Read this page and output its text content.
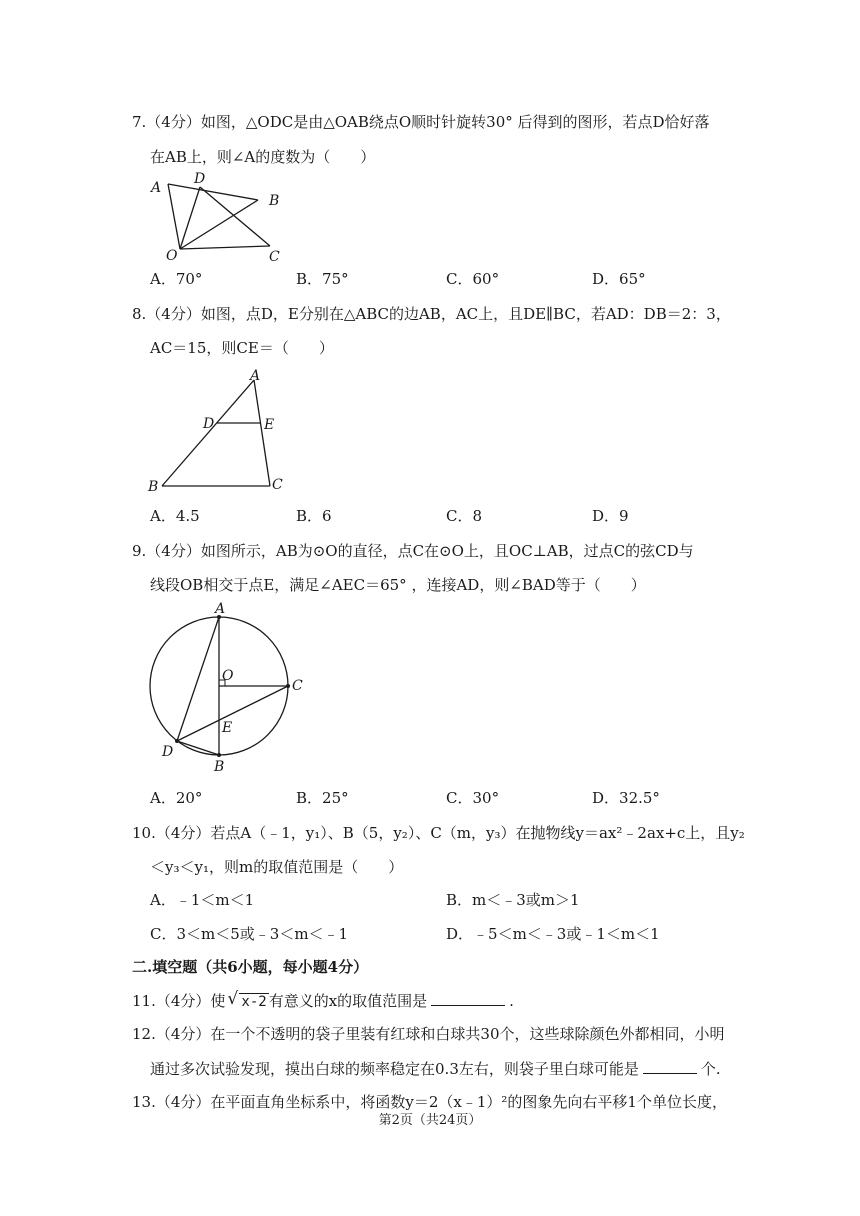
7.（4分）如图，△ODC是由△OAB绕点O顺时针旋转30° 后得到的图形，若点D恰好落
在AB上，则∠A的度数为（　　）
A
D
B
O	C
A．70°	B．75°	C．60°	D．65°
8.（4分）如图，点D，E分别在△ABC的边AB，AC上，且DE∥BC，若AD：DB＝2：3，
AC＝15，则CE＝（　　）
A
D	E
B	C
A．4.5	B．6	C．8	D．9
9.（4分）如图所示，AB为⊙O的直径，点C在⊙O上，且OC⊥AB，过点C的弦CD与
线段OB相交于点E，满足∠AEC＝65° ，连接AD，则∠BAD等于（　　）
A
O
C
E
D
B
A．20°	B．25°	C．30°	D．32.5°
10.（4分）若点A（﹣1，y₁）、B（5，y₂）、C（m，y₃）在抛物线y＝ax²﹣2ax+c上，且y₂
＜y₃＜y₁，则m的取值范围是（　　）
A．﹣1＜m＜1	B．m＜﹣3或m＞1
C．3＜m＜5或﹣3＜m＜﹣1	D．﹣5＜m＜﹣3或﹣1＜m＜1
二.填空题（共6小题，每小题4分）
11.（4分）使 √ x-2 有意义的x的取值范围是	.
12.（4分）在一个不透明的袋子里装有红球和白球共30个，这些球除颜色外都相同，小明
通过多次试验发现，摸出白球的频率稳定在0.3左右，则袋子里白球可能是	个.
13.（4分）在平面直角坐标系中，将函数y＝2（x﹣1）²的图象先向右平移1个单位长度，
第2页（共24页）
